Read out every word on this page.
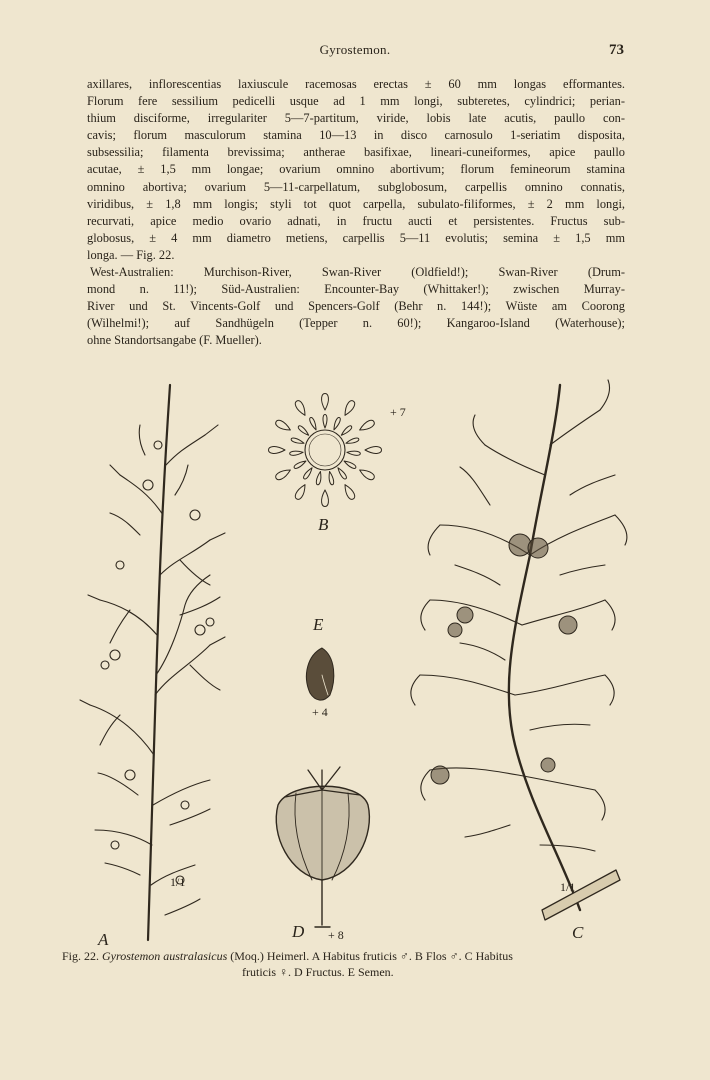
Gyrostemon.	73
axillares, inflorescentias laxiuscule racemosas erectas ± 60 mm longas efformantes.
Florum fere sessilium pedicelli usque ad 1 mm longi, subteretes, cylindrici; perian-
thium disciforme, irregulariter 5—7-partitum, viride, lobis late acutis, paullo con-
cavis; florum masculorum stamina 10—13 in disco carnosulo 1-seriatim disposita,
subsessilia; filamenta brevissima; antherae basifixae, lineari-cuneiformes, apice paullo
acutae, ± 1,5 mm longae; ovarium omnino abortivum; florum femineorum stamina
omnino abortiva; ovarium 5—11-carpellatum, subglobosum, carpellis omnino connatis,
viridibus, ± 1,8 mm longis; styli tot quot carpella, subulato-filiformes, ± 2 mm longi,
recurvati, apice medio ovario adnati, in fructu aucti et persistentes. Fructus sub-
globosus, ± 4 mm diametro metiens, carpellis 5—11 evolutis; semina ± 1,5 mm
longa. — Fig. 22.
West-Australien: Murchison-River, Swan-River (Oldfield!); Swan-River (Drum-
mond n. 11!); Süd-Australien: Encounter-Bay (Whittaker!); zwischen Murray-
River und St. Vincents-Golf und Spencers-Golf (Behr n. 144!); Wüste am Coorong
(Wilhelmi!); auf Sandhügeln (Tepper n. 60!); Kangaroo-Island (Waterhouse);
ohne Standortsangabe (F. Mueller).
A
1/1
B
+ 7
E
+ 4
D + 8	C
1/1
Fig. 22. Gyrostemon australasicus (Moq.) Heimerl. A Habitus fruticis ♂. B Flos ♂. C Habitus
fruticis ♀. D Fructus. E Semen.
